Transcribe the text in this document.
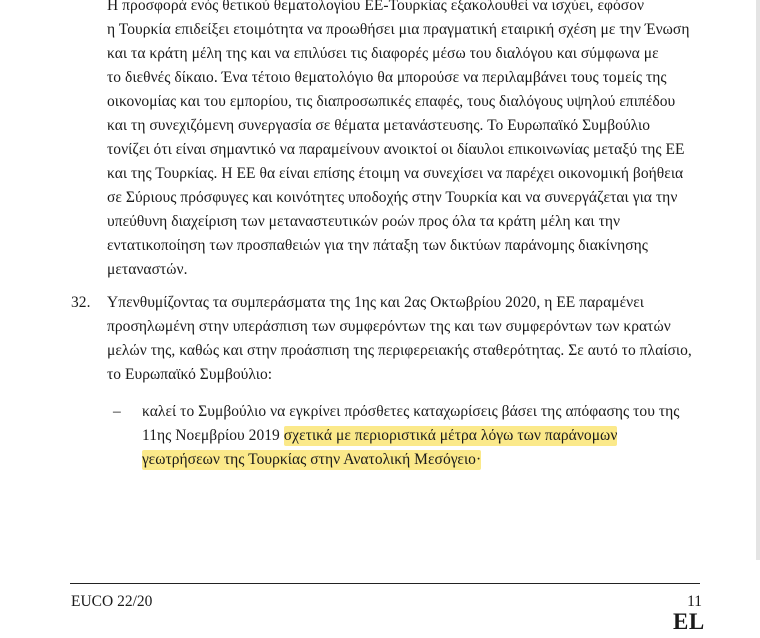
Η προσφορά ενός θετικού θεματολογίου ΕΕ-Τουρκίας εξακολουθεί να ισχύει, εφόσον
η Τουρκία επιδείξει ετοιμότητα να προωθήσει μια πραγματική εταιρική σχέση με την Ένωση
και τα κράτη μέλη της και να επιλύσει τις διαφορές μέσω του διαλόγου και σύμφωνα με
το διεθνές δίκαιο. Ένα τέτοιο θεματολόγιο θα μπορούσε να περιλαμβάνει τους τομείς της
οικονομίας και του εμπορίου, τις διαπροσωπικές επαφές, τους διαλόγους υψηλού επιπέδου
και τη συνεχιζόμενη συνεργασία σε θέματα μετανάστευσης. Το Ευρωπαϊκό Συμβούλιο
τονίζει ότι είναι σημαντικό να παραμείνουν ανοικτοί οι δίαυλοι επικοινωνίας μεταξύ της ΕΕ
και της Τουρκίας. Η ΕΕ θα είναι επίσης έτοιμη να συνεχίσει να παρέχει οικονομική βοήθεια
σε Σύριους πρόσφυγες και κοινότητες υποδοχής στην Τουρκία και να συνεργάζεται για την
υπεύθυνη διαχείριση των μεταναστευτικών ροών προς όλα τα κράτη μέλη και την
εντατικοποίηση των προσπαθειών για την πάταξη των δικτύων παράνομης διακίνησης
μεταναστών.
32. Υπενθυμίζοντας τα συμπεράσματα της 1ης και 2ας Οκτωβρίου 2020, η ΕΕ παραμένει
προσηλωμένη στην υπεράσπιση των συμφερόντων της και των συμφερόντων των κρατών
μελών της, καθώς και στην προάσπιση της περιφερειακής σταθερότητας. Σε αυτό το πλαίσιο,
το Ευρωπαϊκό Συμβούλιο:
– καλεί το Συμβούλιο να εγκρίνει πρόσθετες καταχωρίσεις βάσει της απόφασης του της
11ης Νοεμβρίου 2019 σχετικά με περιοριστικά μέτρα λόγω των παράνομων
γεωτρήσεων της Τουρκίας στην Ανατολική Μεσόγειο·
EUCO 22/20	11
EL
